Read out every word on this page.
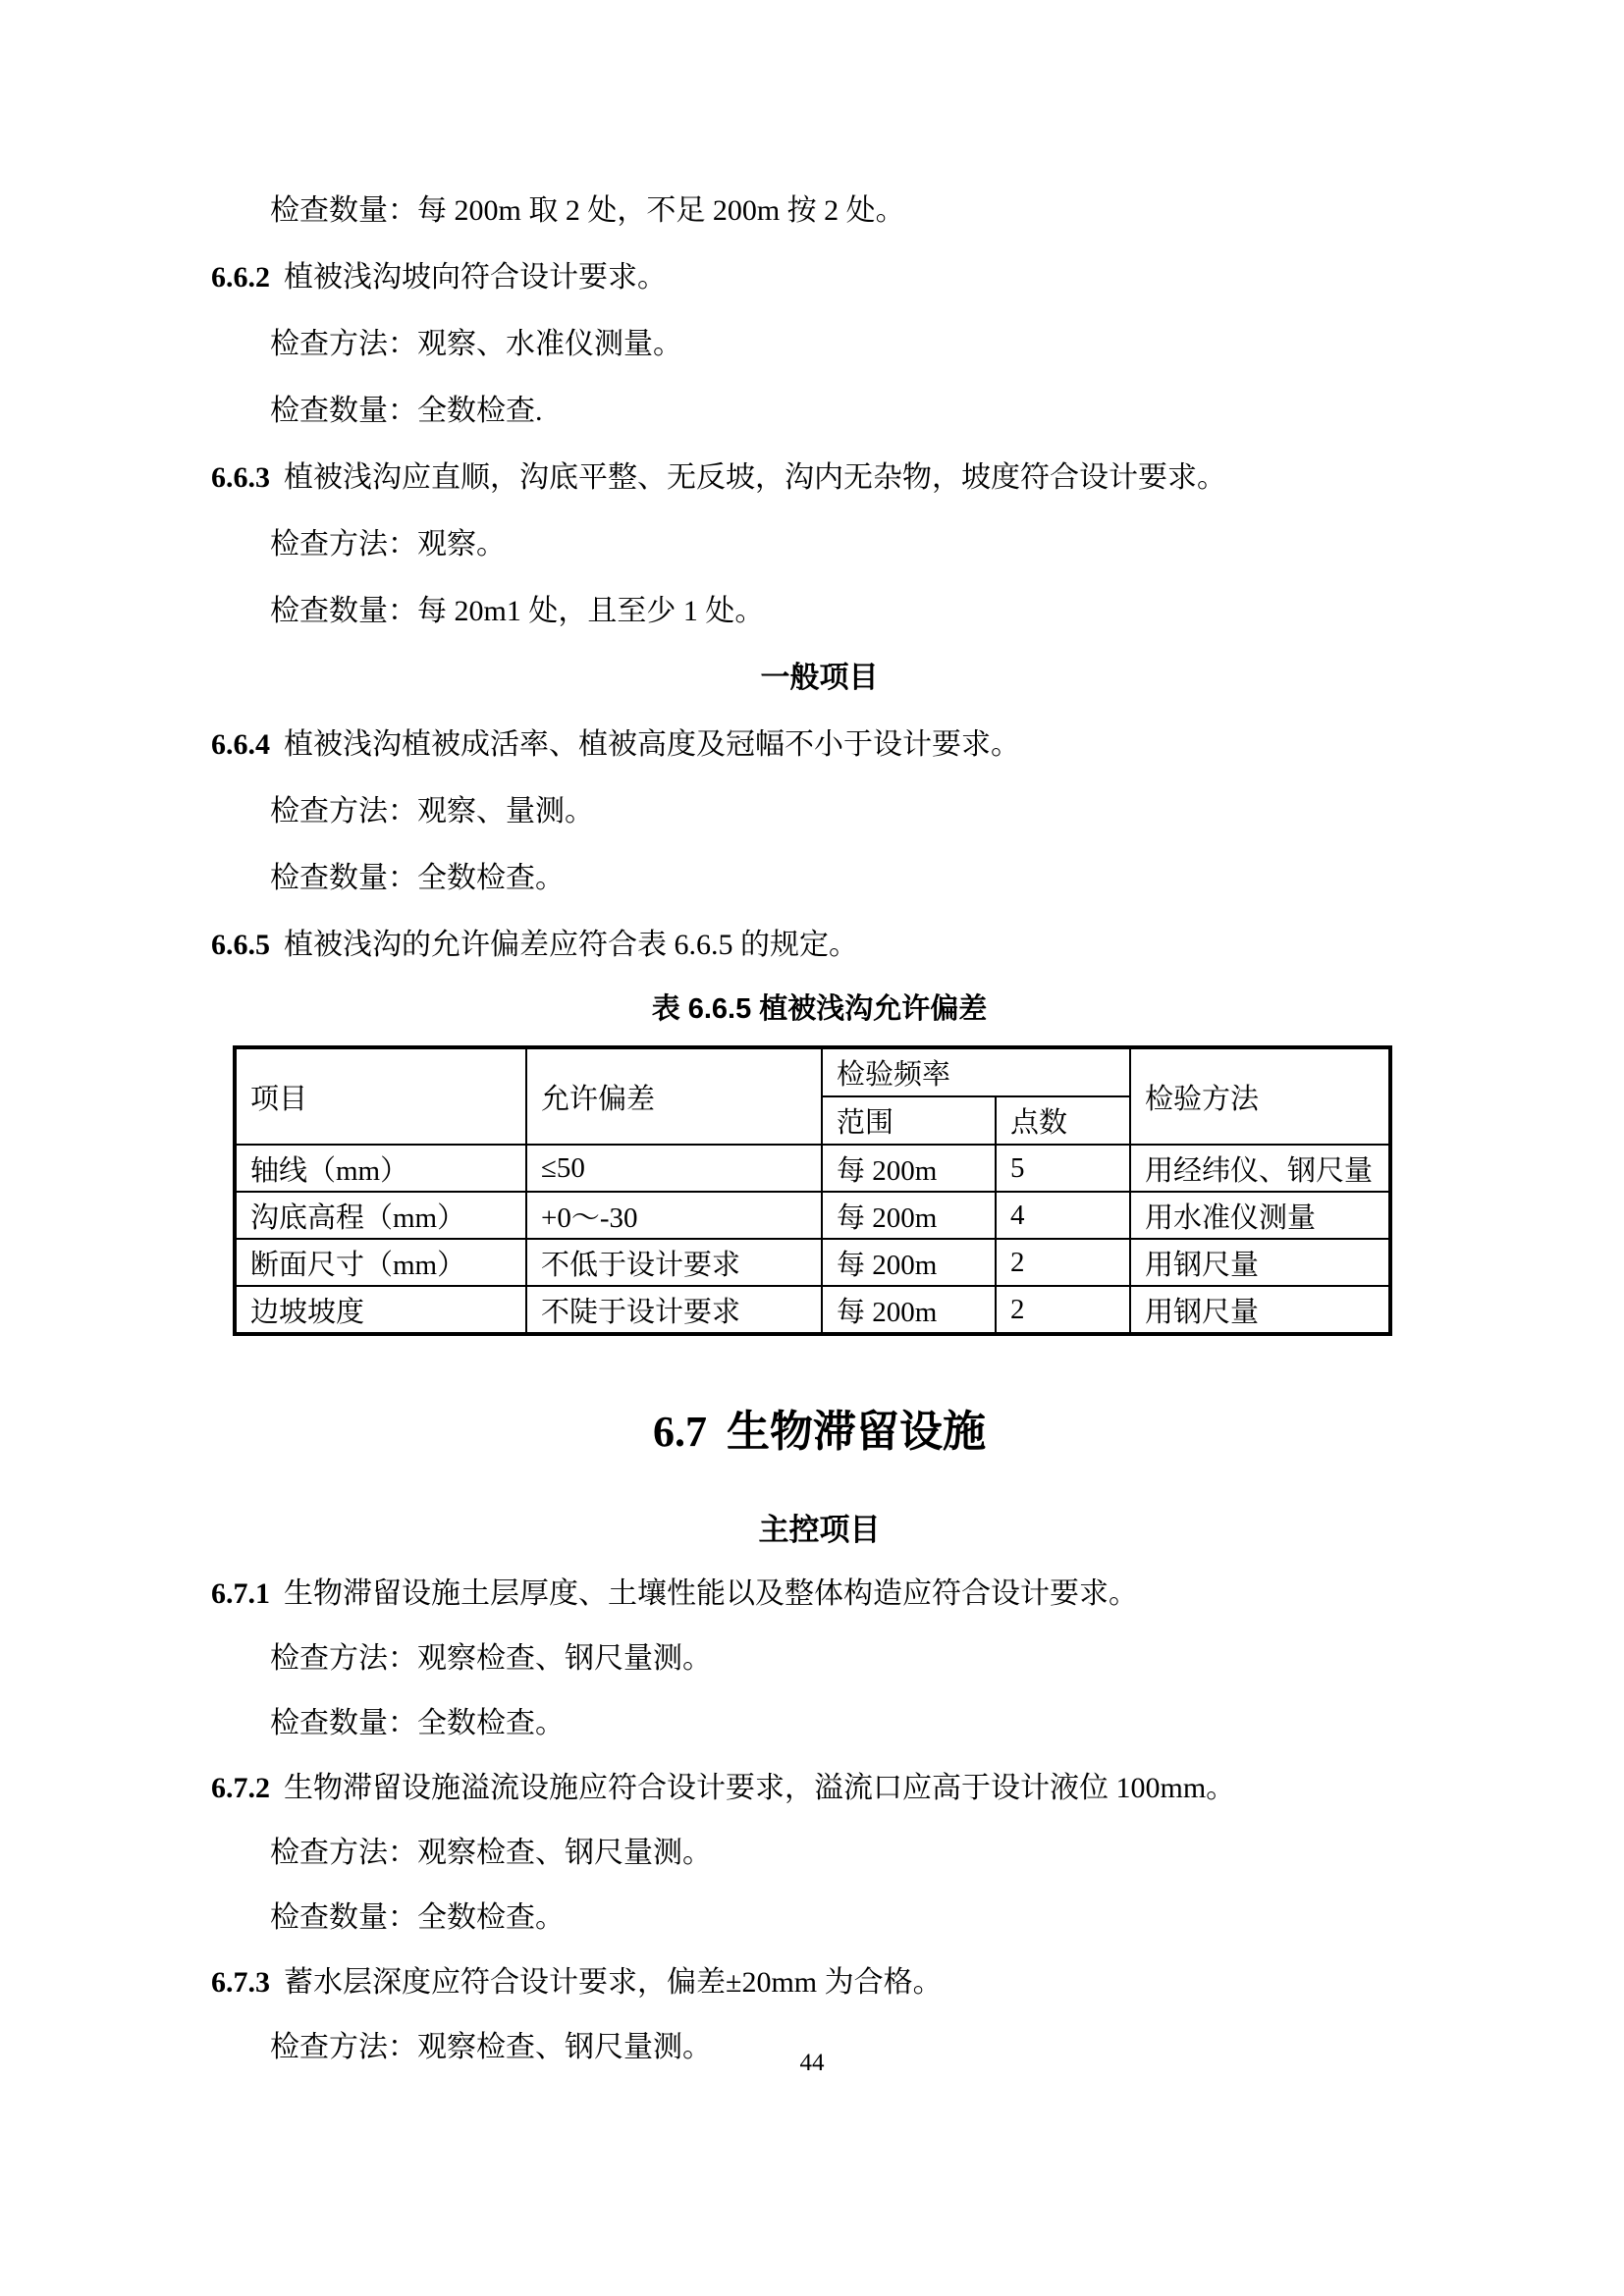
检查数量：每 200m 取 2 处，不足 200m 按 2 处。
6.6.2 植被浅沟坡向符合设计要求。
检查方法：观察、水准仪测量。
检查数量：全数检查.
6.6.3 植被浅沟应直顺，沟底平整、无反坡，沟内无杂物，坡度符合设计要求。
检查方法：观察。
检查数量：每 20m1 处，且至少 1 处。
一般项目
6.6.4 植被浅沟植被成活率、植被高度及冠幅不小于设计要求。
检查方法：观察、量测。
检查数量：全数检查。
6.6.5 植被浅沟的允许偏差应符合表 6.6.5 的规定。
表 6.6.5 植被浅沟允许偏差
项目	允许偏差	检验频率		检验方法
		范围	点数	
轴线（mm）	≤50	每 200m	5	用经纬仪、钢尺量
沟底高程（mm）	+0～-30	每 200m	4	用水准仪测量
断面尺寸（mm）	不低于设计要求	每 200m	2	用钢尺量
边坡坡度	不陡于设计要求	每 200m	2	用钢尺量
6.7 生物滞留设施
主控项目
6.7.1 生物滞留设施土层厚度、土壤性能以及整体构造应符合设计要求。
检查方法：观察检查、钢尺量测。
检查数量：全数检查。
6.7.2 生物滞留设施溢流设施应符合设计要求，溢流口应高于设计液位 100mm。
检查方法：观察检查、钢尺量测。
检查数量：全数检查。
6.7.3 蓄水层深度应符合设计要求，偏差±20mm 为合格。
检查方法：观察检查、钢尺量测。	44
